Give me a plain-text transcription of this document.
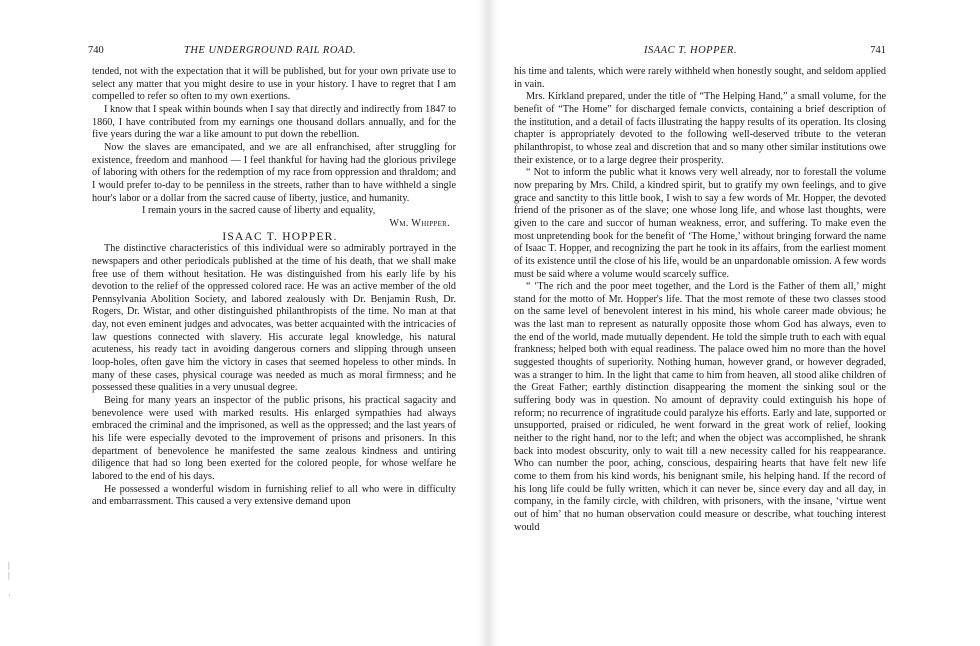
740	THE UNDERGROUND RAIL ROAD.

tended, not with the expectation that it will be published, but for your own private use to select any matter that you might desire to use in your history. I have to regret that I am compelled to refer so often to my own exertions.

I know that I speak within bounds when I say that directly and indirectly from 1847 to 1860, I have contributed from my earnings one thousand dollars annually, and for the five years during the war a like amount to put down the rebellion.

Now the slaves are emancipated, and we are all enfranchised, after struggling for existence, freedom and manhood — I feel thankful for having had the glorious privilege of laboring with others for the redemption of my race from oppression and thraldom; and I would prefer to-day to be penniless in the streets, rather than to have withheld a single hour's labor or a dollar from the sacred cause of liberty, justice, and humanity.

I remain yours in the sacred cause of liberty and equality,

Wm. Whipper.

ISAAC T. HOPPER.

The distinctive characteristics of this individual were so admirably portrayed in the newspapers and other periodicals published at the time of his death, that we shall make free use of them without hesitation. He was distinguished from his early life by his devotion to the relief of the oppressed colored race. He was an active member of the old Pennsylvania Abolition Society, and labored zealously with Dr. Benjamin Rush, Dr. Rogers, Dr. Wistar, and other distinguished philanthropists of the time. No man at that day, not even eminent judges and advocates, was better acquainted with the intricacies of law questions connected with slavery. His accurate legal knowledge, his natural acuteness, his ready tact in avoiding dangerous corners and slipping through unseen loop-holes, often gave him the victory in cases that seemed hopeless to other minds. In many of these cases, physical courage was needed as much as moral firmness; and he possessed these qualities in a very unusual degree.

Being for many years an inspector of the public prisons, his practical sagacity and benevolence were used with marked results. His enlarged sympathies had always embraced the criminal and the imprisoned, as well as the oppressed; and the last years of his life were especially devoted to the improvement of prisons and prisoners. In this department of benevolence he manifested the same zealous kindness and untiring diligence that had so long been exerted for the colored people, for whose welfare he labored to the end of his days.

He possessed a wonderful wisdom in furnishing relief to all who were in difficulty and embarrassment. This caused a very extensive demand upon

|
|

·
ISAAC T. HOPPER.	741

his time and talents, which were rarely withheld when honestly sought, and seldom applied in vain.

Mrs. Kirkland prepared, under the title of “The Helping Hand,” a small volume, for the benefit of “The Home” for discharged female convicts, containing a brief description of the institution, and a detail of facts illustrating the happy results of its operation. Its closing chapter is appropriately devoted to the following well-deserved tribute to the veteran philanthropist, to whose zeal and discretion that and so many other similar institutions owe their existence, or to a large degree their prosperity.

“ Not to inform the public what it knows very well already, nor to forestall the volume now preparing by Mrs. Child, a kindred spirit, but to gratify my own feelings, and to give grace and sanctity to this little book, I wish to say a few words of Mr. Hopper, the devoted friend of the prisoner as of the slave; one whose long life, and whose last thoughts, were given to the care and succor of human weakness, error, and suffering. To make even the most unpretending book for the benefit of ‘The Home,’ without bringing forward the name of Isaac T. Hopper, and recognizing the part he took in its affairs, from the earliest moment of its existence until the close of his life, would be an unpardonable omission. A few words must be said where a volume would scarcely suffice.

“ ‘The rich and the poor meet together, and the Lord is the Father of them all,’ might stand for the motto of Mr. Hopper's life. That the most remote of these two classes stood on the same level of benevolent interest in his mind, his whole career made obvious; he was the last man to represent as naturally opposite those whom God has always, even to the end of the world, made mutually dependent. He told the simple truth to each with equal frankness; helped both with equal readiness. The palace owed him no more than the hovel suggested thoughts of superiority. Nothing human, however grand, or however degraded, was a stranger to him. In the light that came to him from heaven, all stood alike children of the Great Father; earthly distinction disappearing the moment the sinking soul or the suffering body was in question. No amount of depravity could extinguish his hope of reform; no recurrence of ingratitude could paralyze his efforts. Early and late, supported or unsupported, praised or ridiculed, he went forward in the great work of relief, looking neither to the right hand, nor to the left; and when the object was accomplished, he shrank back into modest obscurity, only to wait till a new necessity called for his reappearance. Who can number the poor, aching, conscious, despairing hearts that have felt new life come to them from his kind words, his benignant smile, his helping hand. If the record of his long life could be fully written, which it can never be, since every day and all day, in company, in the family circle, with children, with prisoners, with the insane, ‘virtue went out of him’ that no human observation could measure or describe, what touching interest would
